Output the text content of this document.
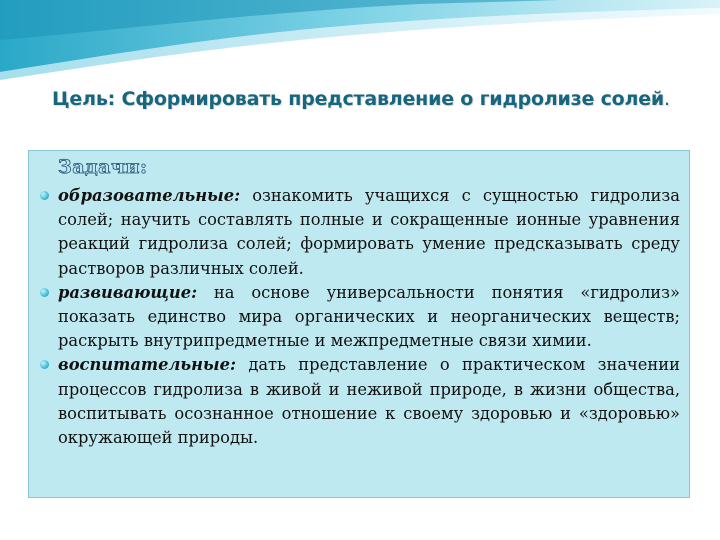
Цель: Сформировать представление о гидролизе солей.
Задачи:
образовательные: ознакомить учащихся с сущностью гидролиза солей; научить составлять полные и сокращенные ионные уравнения реакций гидролиза солей; формировать умение предсказывать среду растворов различных солей.
развивающие: на основе универсальности понятия «гидролиз» показать единство мира органических и неорганических веществ; раскрыть внутрипредметные и межпредметные связи химии.
воспитательные: дать представление о практическом значении процессов гидролиза в живой и неживой природе, в жизни общества, воспитывать осознанное отношение к своему здоровью и «здоровью» окружающей природы.
